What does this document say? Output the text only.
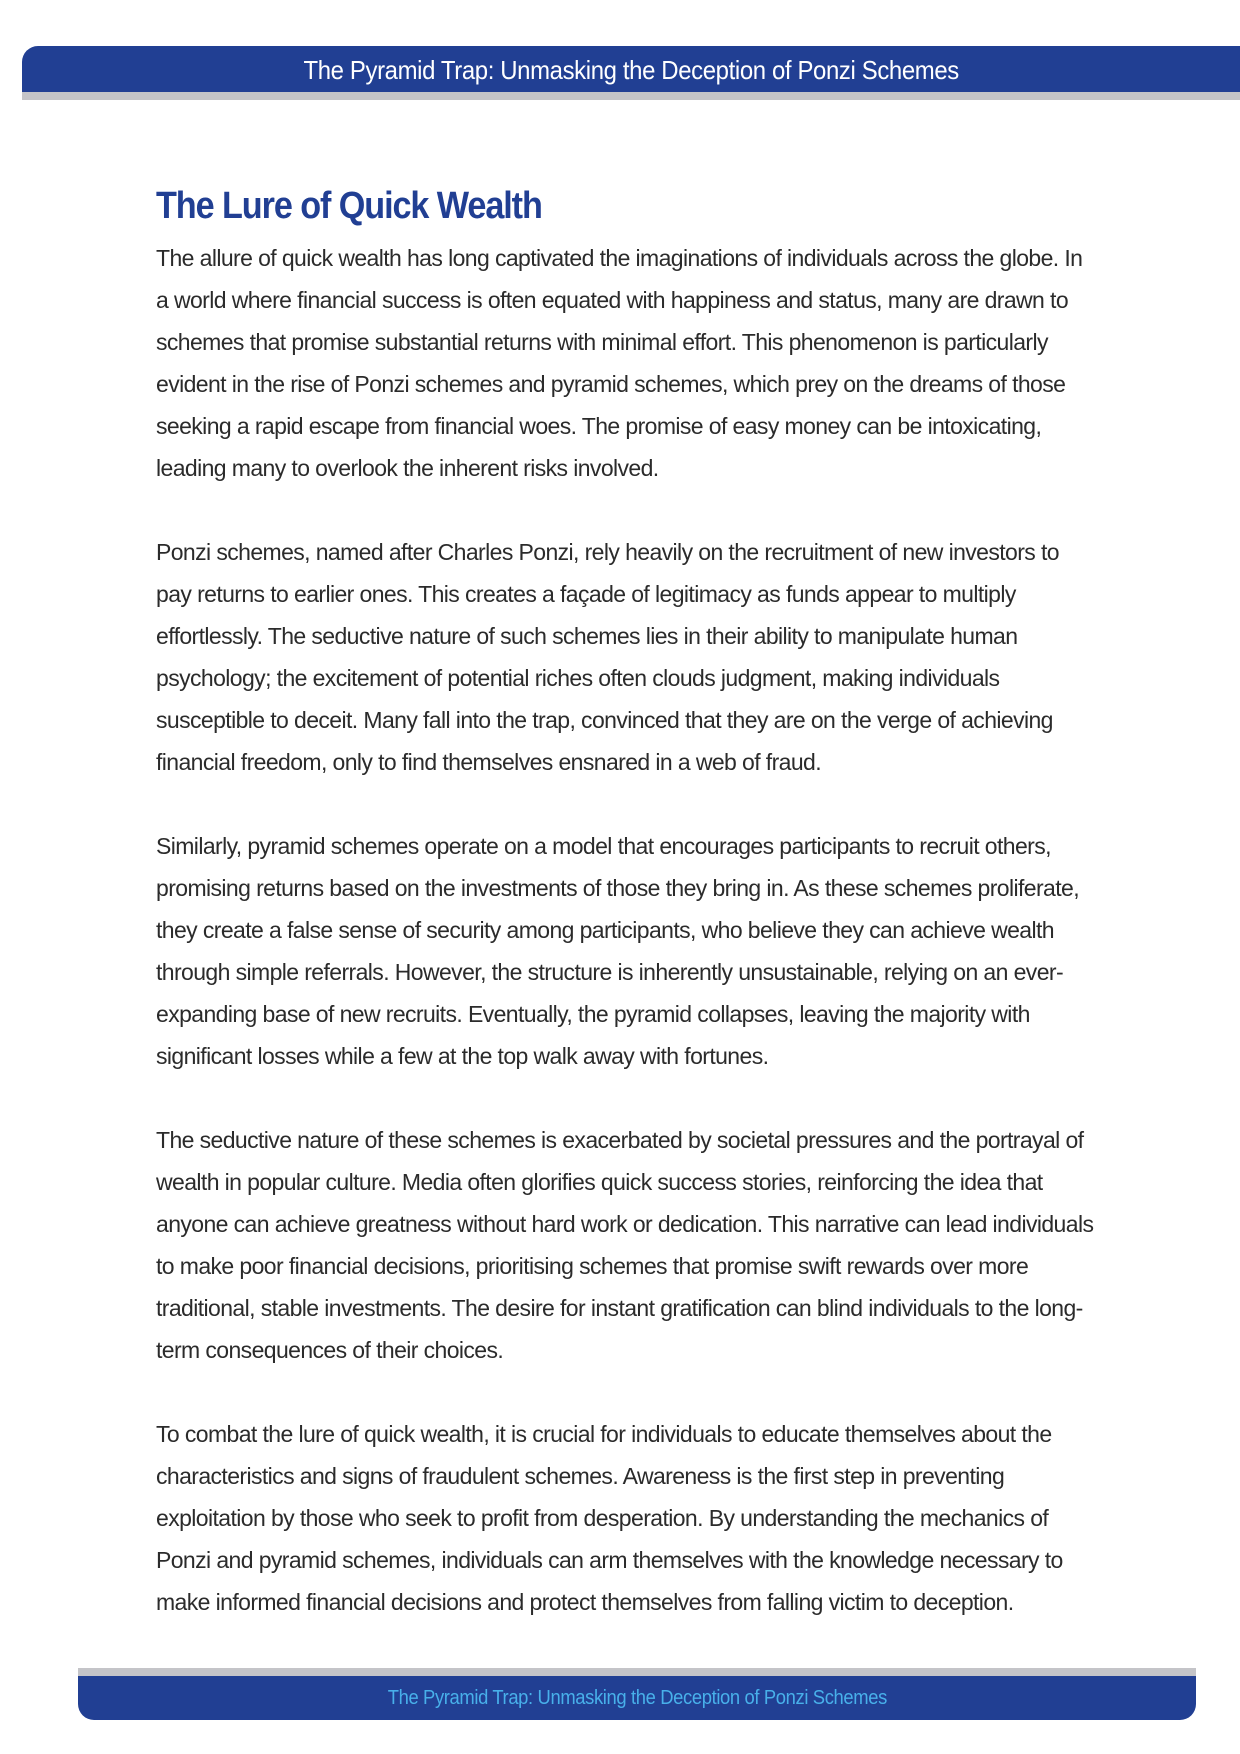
The Pyramid Trap: Unmasking the Deception of Ponzi Schemes
The Lure of Quick Wealth

The allure of quick wealth has long captivated the imaginations of individuals across the globe. In a world where financial success is often equated with happiness and status, many are drawn to schemes that promise substantial returns with minimal effort. This phenomenon is particularly evident in the rise of Ponzi schemes and pyramid schemes, which prey on the dreams of those seeking a rapid escape from financial woes. The promise of easy money can be intoxicating, leading many to overlook the inherent risks involved.

Ponzi schemes, named after Charles Ponzi, rely heavily on the recruitment of new investors to pay returns to earlier ones. This creates a façade of legitimacy as funds appear to multiply effortlessly. The seductive nature of such schemes lies in their ability to manipulate human psychology; the excitement of potential riches often clouds judgment, making individuals susceptible to deceit. Many fall into the trap, convinced that they are on the verge of achieving financial freedom, only to find themselves ensnared in a web of fraud.

Similarly, pyramid schemes operate on a model that encourages participants to recruit others, promising returns based on the investments of those they bring in. As these schemes proliferate, they create a false sense of security among participants, who believe they can achieve wealth through simple referrals. However, the structure is inherently unsustainable, relying on an ever-expanding base of new recruits. Eventually, the pyramid collapses, leaving the majority with significant losses while a few at the top walk away with fortunes.

The seductive nature of these schemes is exacerbated by societal pressures and the portrayal of wealth in popular culture. Media often glorifies quick success stories, reinforcing the idea that anyone can achieve greatness without hard work or dedication. This narrative can lead individuals to make poor financial decisions, prioritising schemes that promise swift rewards over more traditional, stable investments. The desire for instant gratification can blind individuals to the long-term consequences of their choices.

To combat the lure of quick wealth, it is crucial for individuals to educate themselves about the characteristics and signs of fraudulent schemes. Awareness is the first step in preventing exploitation by those who seek to profit from desperation. By understanding the mechanics of Ponzi and pyramid schemes, individuals can arm themselves with the knowledge necessary to make informed financial decisions and protect themselves from falling victim to deception.

The Pyramid Trap: Unmasking the Deception of Ponzi Schemes
